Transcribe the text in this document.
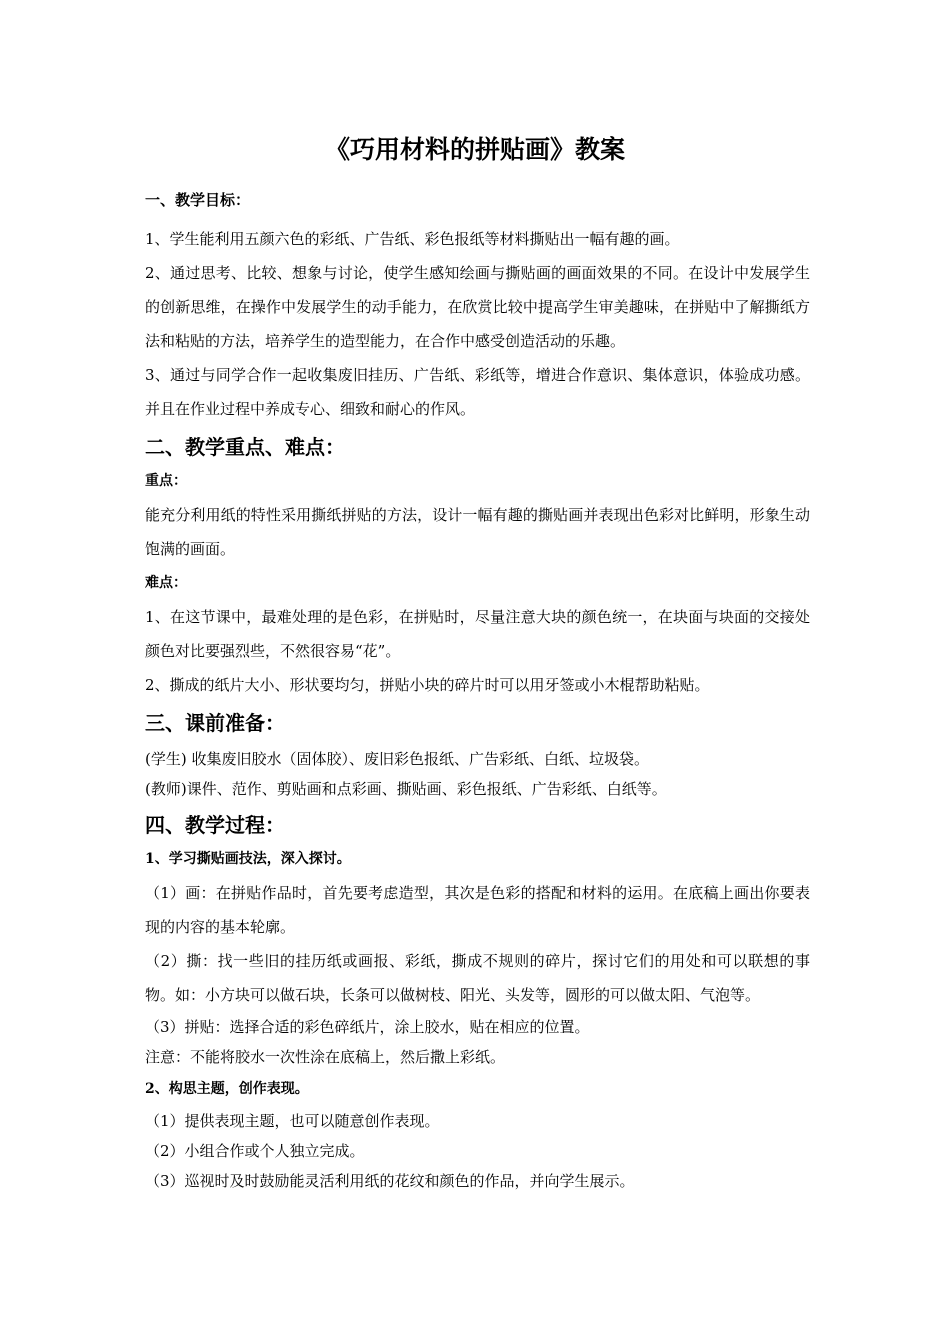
《巧用材料的拼贴画》教案
一、教学目标：

1、学生能利用五颜六色的彩纸、广告纸、彩色报纸等材料撕贴出一幅有趣的画。

2、通过思考、比较、想象与讨论，使学生感知绘画与撕贴画的画面效果的不同。在设计中发展学生的创新思维，在操作中发展学生的动手能力，在欣赏比较中提高学生审美趣味，在拼贴中了解撕纸方法和粘贴的方法，培养学生的造型能力，在合作中感受创造活动的乐趣。

3、通过与同学合作一起收集废旧挂历、广告纸、彩纸等，增进合作意识、集体意识，体验成功感。并且在作业过程中养成专心、细致和耐心的作风。

二、教学重点、难点：
重点：

能充分利用纸的特性采用撕纸拼贴的方法，设计一幅有趣的撕贴画并表现出色彩对比鲜明，形象生动饱满的画面。

难点：

1、在这节课中，最难处理的是色彩，在拼贴时，尽量注意大块的颜色统一，在块面与块面的交接处颜色对比要强烈些，不然很容易“花”。

2、撕成的纸片大小、形状要均匀，拼贴小块的碎片时可以用牙签或小木棍帮助粘贴。

三、课前准备：

(学生) 收集废旧胶水（固体胶）、废旧彩色报纸、广告彩纸、白纸、垃圾袋。

(教师)课件、范作、剪贴画和点彩画、撕贴画、彩色报纸、广告彩纸、白纸等。

四、教学过程：
1、学习撕贴画技法，深入探讨。

（1）画：在拼贴作品时，首先要考虑造型，其次是色彩的搭配和材料的运用。在底稿上画出你要表现的内容的基本轮廓。

（2）撕：找一些旧的挂历纸或画报、彩纸，撕成不规则的碎片，探讨它们的用处和可以联想的事物。如：小方块可以做石块，长条可以做树枝、阳光、头发等，圆形的可以做太阳、气泡等。

（3）拼贴：选择合适的彩色碎纸片，涂上胶水，贴在相应的位置。

注意：不能将胶水一次性涂在底稿上，然后撒上彩纸。

2、构思主题，创作表现。

（1）提供表现主题，也可以随意创作表现。

（2）小组合作或个人独立完成。

（3）巡视时及时鼓励能灵活利用纸的花纹和颜色的作品，并向学生展示。
